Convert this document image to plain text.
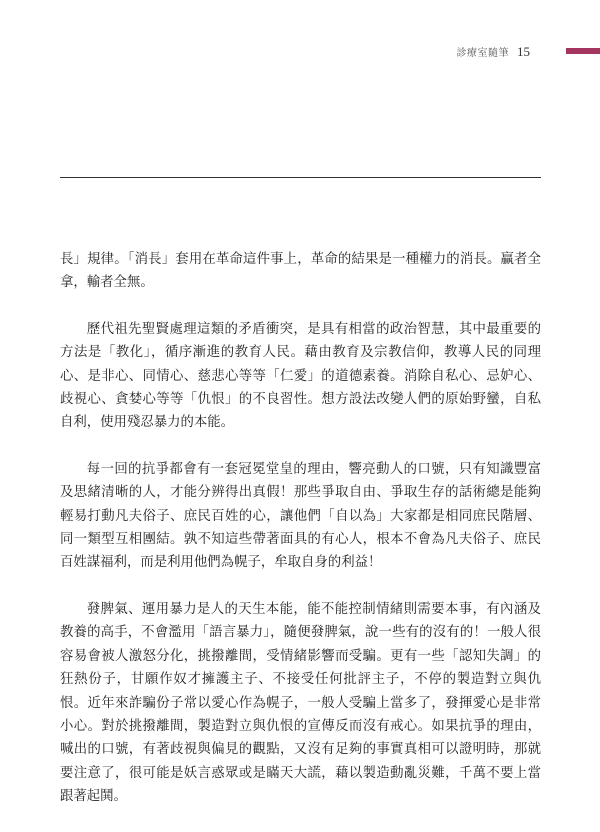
診療室隨筆 15

長」規律。「消長」套用在革命這件事上，革命的結果是一種權力的消長。贏者全拿，輸者全無。

歷代祖先聖賢處理這類的矛盾衝突，是具有相當的政治智慧，其中最重要的方法是「教化」，循序漸進的教育人民。藉由教育及宗教信仰，教導人民的同理心、是非心、同情心、慈悲心等等「仁愛」的道德素養。消除自私心、忌妒心、歧視心、貪婪心等等「仇恨」的不良習性。想方設法改變人們的原始野蠻，自私自利，使用殘忍暴力的本能。

每一回的抗爭都會有一套冠冕堂皇的理由，響亮動人的口號，只有知識豐富及思緒清晰的人，才能分辨得出真假！那些爭取自由、爭取生存的話術總是能夠輕易打動凡夫俗子、庶民百姓的心，讓他們「自以為」大家都是相同庶民階層、同一類型互相團結。孰不知這些帶著面具的有心人，根本不會為凡夫俗子、庶民百姓謀福利，而是利用他們為幌子，牟取自身的利益！

發脾氣、運用暴力是人的天生本能，能不能控制情緒則需要本事，有內涵及教養的高手，不會濫用「語言暴力」，隨便發脾氣，說一些有的沒有的！一般人很容易會被人激怒分化，挑撥離間，受情緒影響而受騙。更有一些「認知失調」的狂熱份子，甘願作奴才擁護主子、不接受任何批評主子，不停的製造對立與仇恨。近年來詐騙份子常以愛心作為幌子，一般人受騙上當多了，發揮愛心是非常小心。對於挑撥離間，製造對立與仇恨的宣傳反而沒有戒心。如果抗爭的理由，喊出的口號，有著歧視與偏見的觀點，又沒有足夠的事實真相可以證明時，那就要注意了，很可能是妖言惑眾或是瞞天大謊，藉以製造動亂災難，千萬不要上當跟著起鬨。
